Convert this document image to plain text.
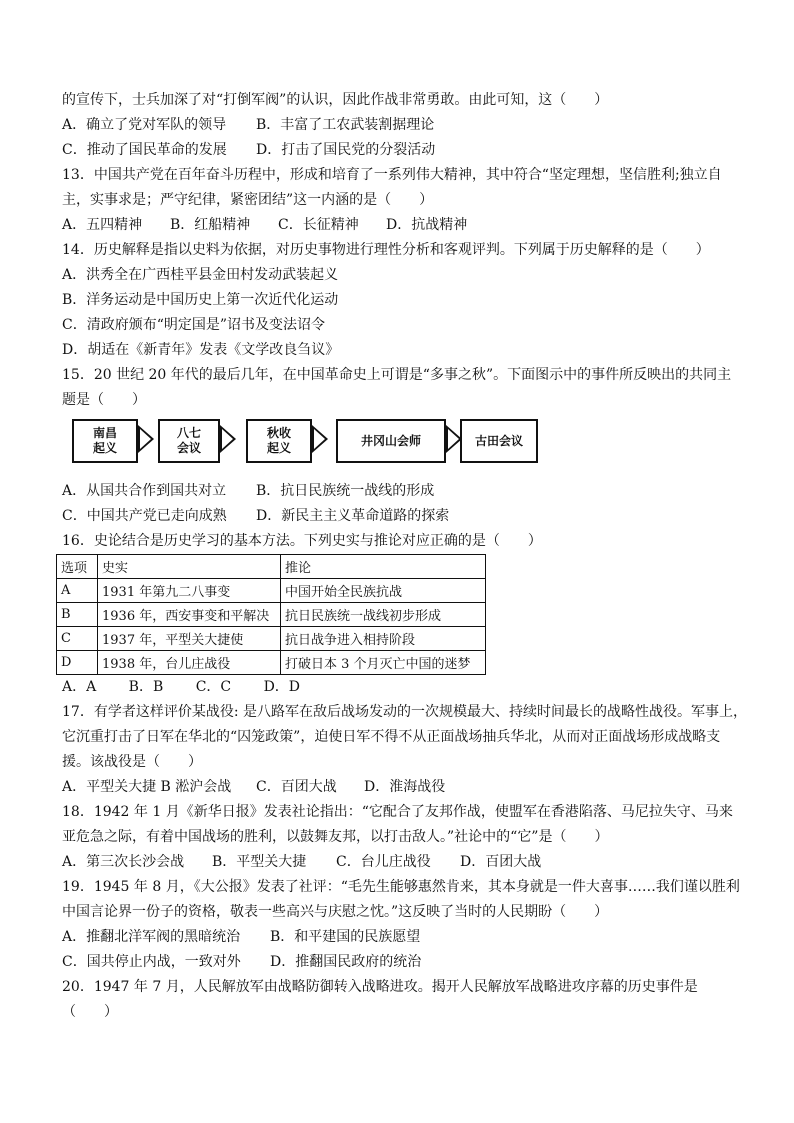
的宣传下，士兵加深了对“打倒军阀”的认识，因此作战非常勇敢。由此可知，这（　　）
A．确立了党对军队的领导	B．丰富了工农武装割据理论
C．推动了国民革命的发展	D．打击了国民党的分裂活动
13．中国共产党在百年奋斗历程中，形成和培育了一系列伟大精神，其中符合“坚定理想，坚信胜利;独立自
主，实事求是；严守纪律，紧密团结”这一内涵的是（　　）
A．五四精神	B．红船精神	C．长征精神	D．抗战精神
14．历史解释是指以史料为依据，对历史事物进行理性分析和客观评判。下列属于历史解释的是（　　）
A．洪秀全在广西桂平县金田村发动武装起义
B．洋务运动是中国历史上第一次近代化运动
C．清政府颁布“明定国是”诏书及变法诏令
D．胡适在《新青年》发表《文学改良刍议》
15．20 世纪 20 年代的最后几年，在中国革命史上可谓是“多事之秋”。下面图示中的事件所反映出的共同主
题是（　　）
南昌
起义
八七
会议
秋收
起义
井冈山会师	古田会议
A．从国共合作到国共对立	B．抗日民族统一战线的形成
C．中国共产党已走向成熟	D．新民主主义革命道路的探索
16．史论结合是历史学习的基本方法。下列史实与推论对应正确的是（　　）
选项	史实	推论
A	1931 年第九二八事变	中国开始全民族抗战
B	1936 年，西安事变和平解决	抗日民族统一战线初步形成
C	1937 年，平型关大捷使	抗日战争进入相持阶段
D	1938 年，台儿庄战役	打破日本 3 个月灭亡中国的迷梦
A．A　　 B．B　　 C．C　　 D．D
17．有学者这样评价某战役: 是八路军在敌后战场发动的一次规模最大、持续时间最长的战略性战役。军事上，
它沉重打击了日军在华北的“囚笼政策”，迫使日军不得不从正面战场抽兵华北，从而对正面战场形成战略支
援。该战役是（　　）
A．平型关大捷 B 淞沪会战	C．百团大战	D．淮海战役
18．1942 年 1 月《新华日报》发表社论指出：“它配合了友邦作战，使盟军在香港陷落、马尼拉失守、马来
亚危急之际，有着中国战场的胜利，以鼓舞友邦，以打击敌人。”社论中的“它”是（　　）
A．第三次长沙会战	B．平型关大捷	C．台儿庄战役	D．百团大战
19．1945 年 8 月，《大公报》发表了社评：“毛先生能够惠然肯来，其本身就是一件大喜事……我们谨以胜利
中国言论界一份子的资格，敬表一些高兴与庆慰之忱。”这反映了当时的人民期盼（　　）
A．推翻北洋军阀的黑暗统治	B．和平建国的民族愿望
C．国共停止内战，一致对外	D．推翻国民政府的统治
20．1947 年 7 月，人民解放军由战略防御转入战略进攻。揭开人民解放军战略进攻序幕的历史事件是
（　　）
